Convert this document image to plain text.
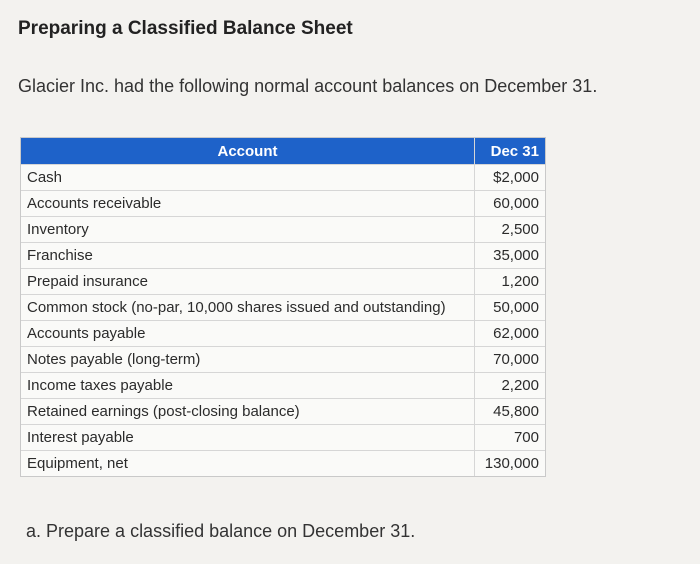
Preparing a Classified Balance Sheet
Glacier Inc. had the following normal account balances on December 31.
Account	Dec 31
Cash	$2,000
Accounts receivable	60,000
Inventory	2,500
Franchise	35,000
Prepaid insurance	1,200
Common stock (no-par, 10,000 shares issued and outstanding)	50,000
Accounts payable	62,000
Notes payable (long-term)	70,000
Income taxes payable	2,200
Retained earnings (post-closing balance)	45,800
Interest payable	700
Equipment, net	130,000
a. Prepare a classified balance on December 31.
